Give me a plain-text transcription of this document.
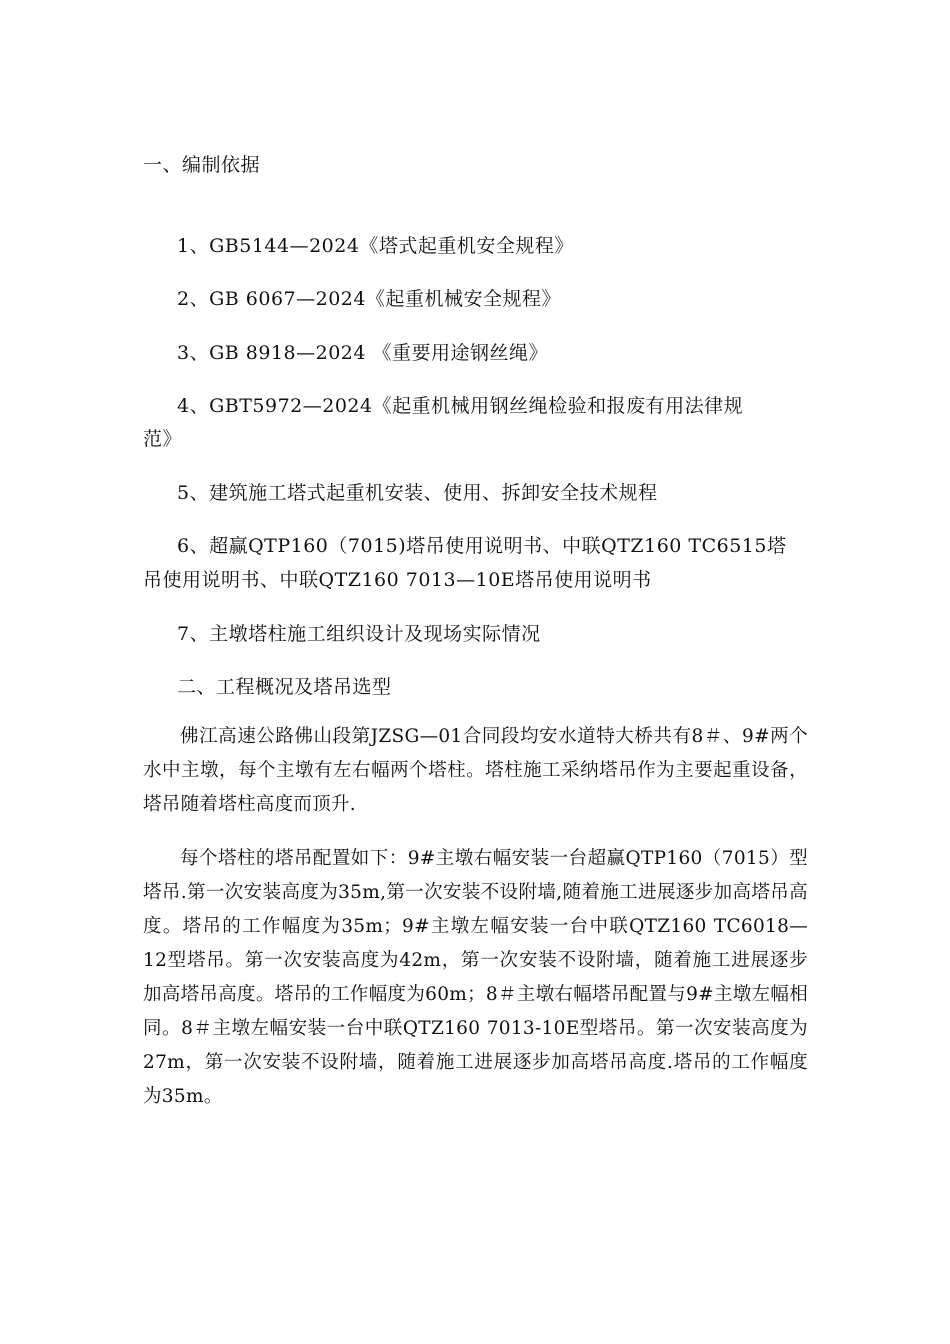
一、编制依据
1、GB5144—2024《塔式起重机安全规程》
2、GB 6067—2024《起重机械安全规程》
3、GB 8918—2024 《重要用途钢丝绳》
4、GBT5972—2024《起重机械用钢丝绳检验和报废有用法律规
范》
5、建筑施工塔式起重机安装、使用、拆卸安全技术规程
6、超赢QTP160（7015)塔吊使用说明书、中联QTZ160 TC6515塔
吊使用说明书、中联QTZ160 7013—10E塔吊使用说明书
7、主墩塔柱施工组织设计及现场实际情况
二、工程概况及塔吊选型
佛江高速公路佛山段第JZSG—01合同段均安水道特大桥共有8＃、9#两个水中主墩，每个主墩有左右幅两个塔柱。塔柱施工采纳塔吊作为主要起重设备，塔吊随着塔柱高度而顶升.
每个塔柱的塔吊配置如下：9#主墩右幅安装一台超赢QTP160（7015）型塔吊.第一次安装高度为35m,第一次安装不设附墙,随着施工进展逐步加高塔吊高度。塔吊的工作幅度为35m；9#主墩左幅安装一台中联QTZ160 TC6018—12型塔吊。第一次安装高度为42m，第一次安装不设附墙，随着施工进展逐步加高塔吊高度。塔吊的工作幅度为60m；8＃主墩右幅塔吊配置与9#主墩左幅相同。8＃主墩左幅安装一台中联QTZ160 7013-10E型塔吊。第一次安装高度为27m，第一次安装不设附墙，随着施工进展逐步加高塔吊高度.塔吊的工作幅度为35m。
